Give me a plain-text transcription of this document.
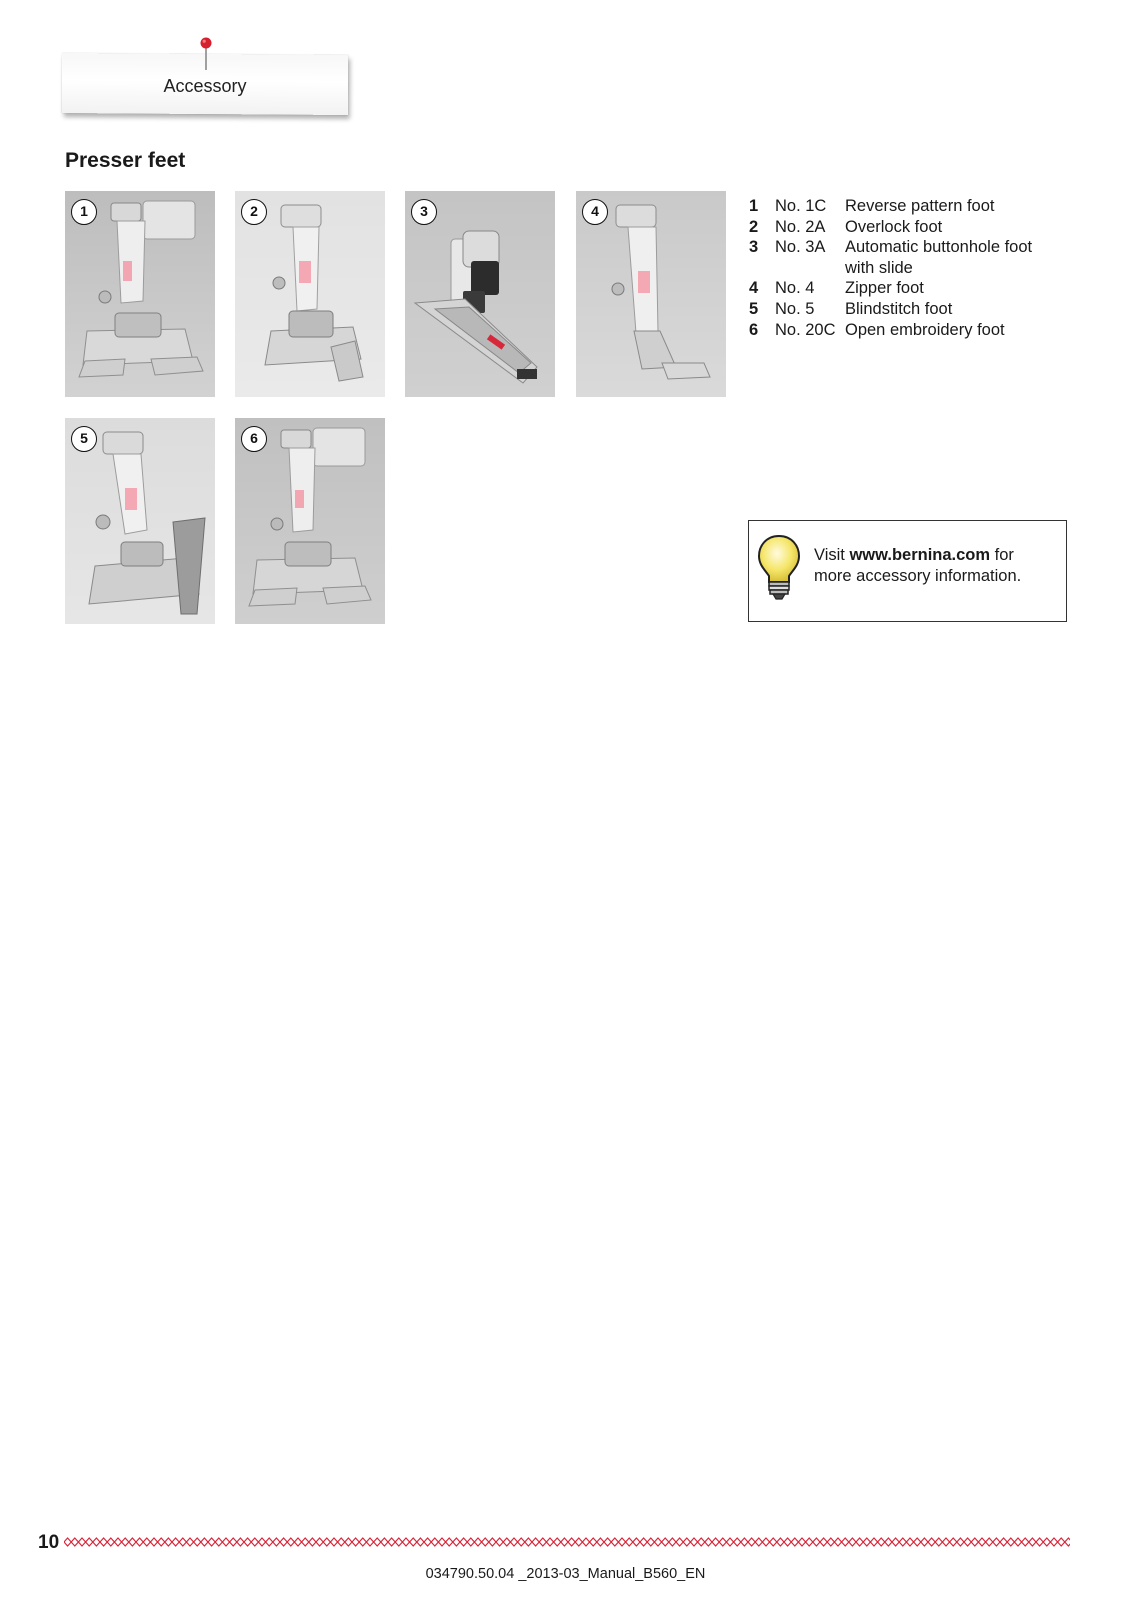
Accessory
Presser feet
1	2	3	4
5	6
1	No. 1C	Reverse pattern foot
2	No. 2A	Overlock foot
3	No. 3A	Automatic buttonhole foot
with slide

4	No. 4	Zipper foot
5	No. 5	Blindstitch foot
6	No. 20C	Open embroidery foot
Visit www.bernina.com for
more accessory information.
10
034790.50.04 _2013-03_Manual_B560_EN
